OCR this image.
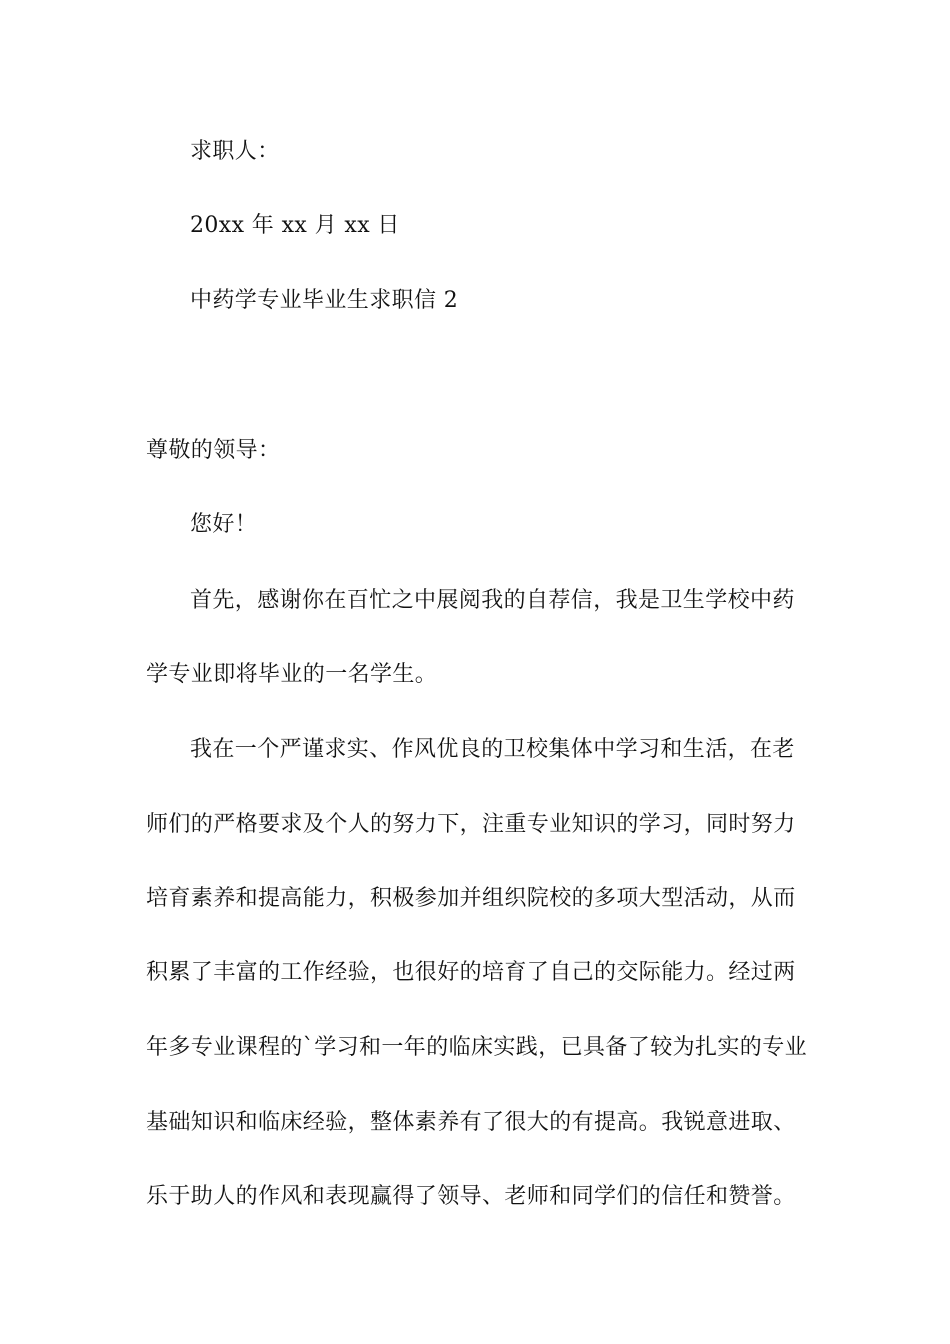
求职人：
20xx 年 xx 月 xx 日
中药学专业毕业生求职信 2
尊敬的领导：
您好！
首先，感谢你在百忙之中展阅我的自荐信，我是卫生学校中药
学专业即将毕业的一名学生。
我在一个严谨求实、作风优良的卫校集体中学习和生活，在老
师们的严格要求及个人的努力下，注重专业知识的学习，同时努力
培育素养和提高能力，积极参加并组织院校的多项大型活动，从而
积累了丰富的工作经验，也很好的培育了自己的交际能力。经过两
年多专业课程的`学习和一年的临床实践，已具备了较为扎实的专业
基础知识和临床经验，整体素养有了很大的有提高。我锐意进取、
乐于助人的作风和表现赢得了领导、老师和同学们的信任和赞誉。
